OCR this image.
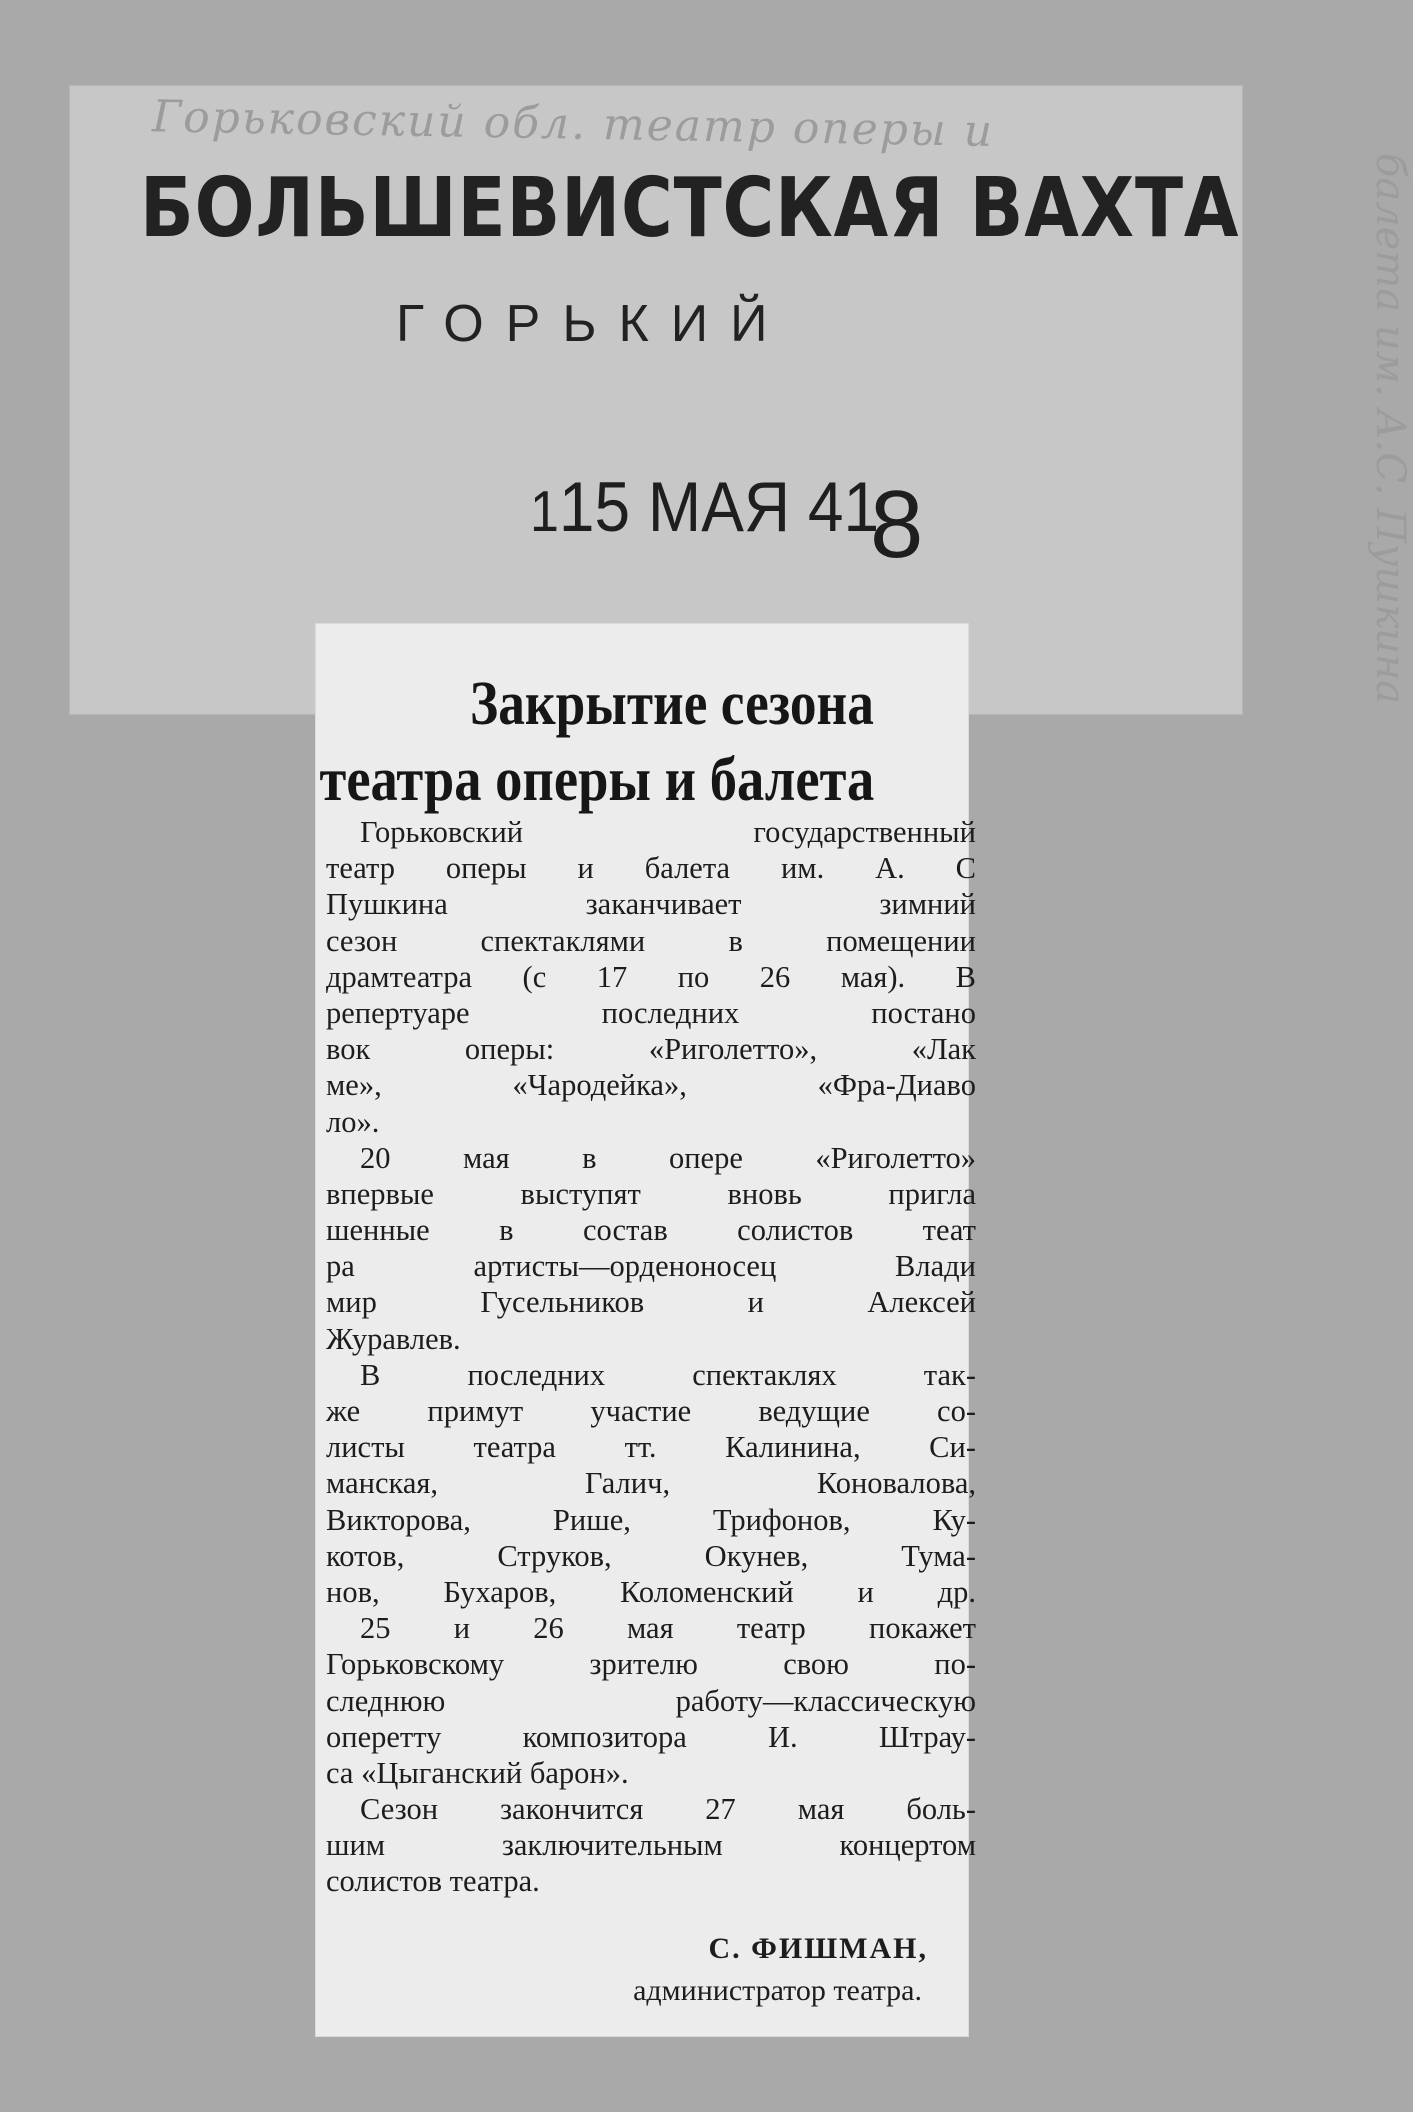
Горьковский обл. театр оперы и
балета им. А.С. Пушкина
БОЛЬШЕВИСТСКАЯ ВАХТА
ГОРЬКИЙ
115 МАЯ 41
8
Закрытие сезона
театра оперы и балета
Горьковский государственный
театр оперы и балета им. А. С
Пушкина заканчивает зимний
сезон спектаклями в помещении
драмтеатра (с 17 по 26 мая). В
репертуаре последних постано
вок оперы: «Риголетто», «Лак
ме», «Чародейка», «Фра-Диаво
ло».
20 мая в опере «Риголетто»
впервые выступят вновь пригла
шенные в состав солистов теат
ра артисты—орденоносец Влади
мир Гусельников и Алексей
Журавлев.
В последних спектаклях так-
же примут участие ведущие со-
листы театра тт. Калинина, Си-
манская, Галич, Коновалова,
Викторова, Рише, Трифонов, Ку-
котов, Струков, Окунев, Тума-
нов, Бухаров, Коломенский и др.
25 и 26 мая театр покажет
Горьковскому зрителю свою по-
следнюю работу—классическую
оперетту композитора И. Штрау-
са «Цыганский барон».
Сезон закончится 27 мая боль-
шим заключительным концертом
солистов театра.
С. ФИШМАН,
администратор театра.
